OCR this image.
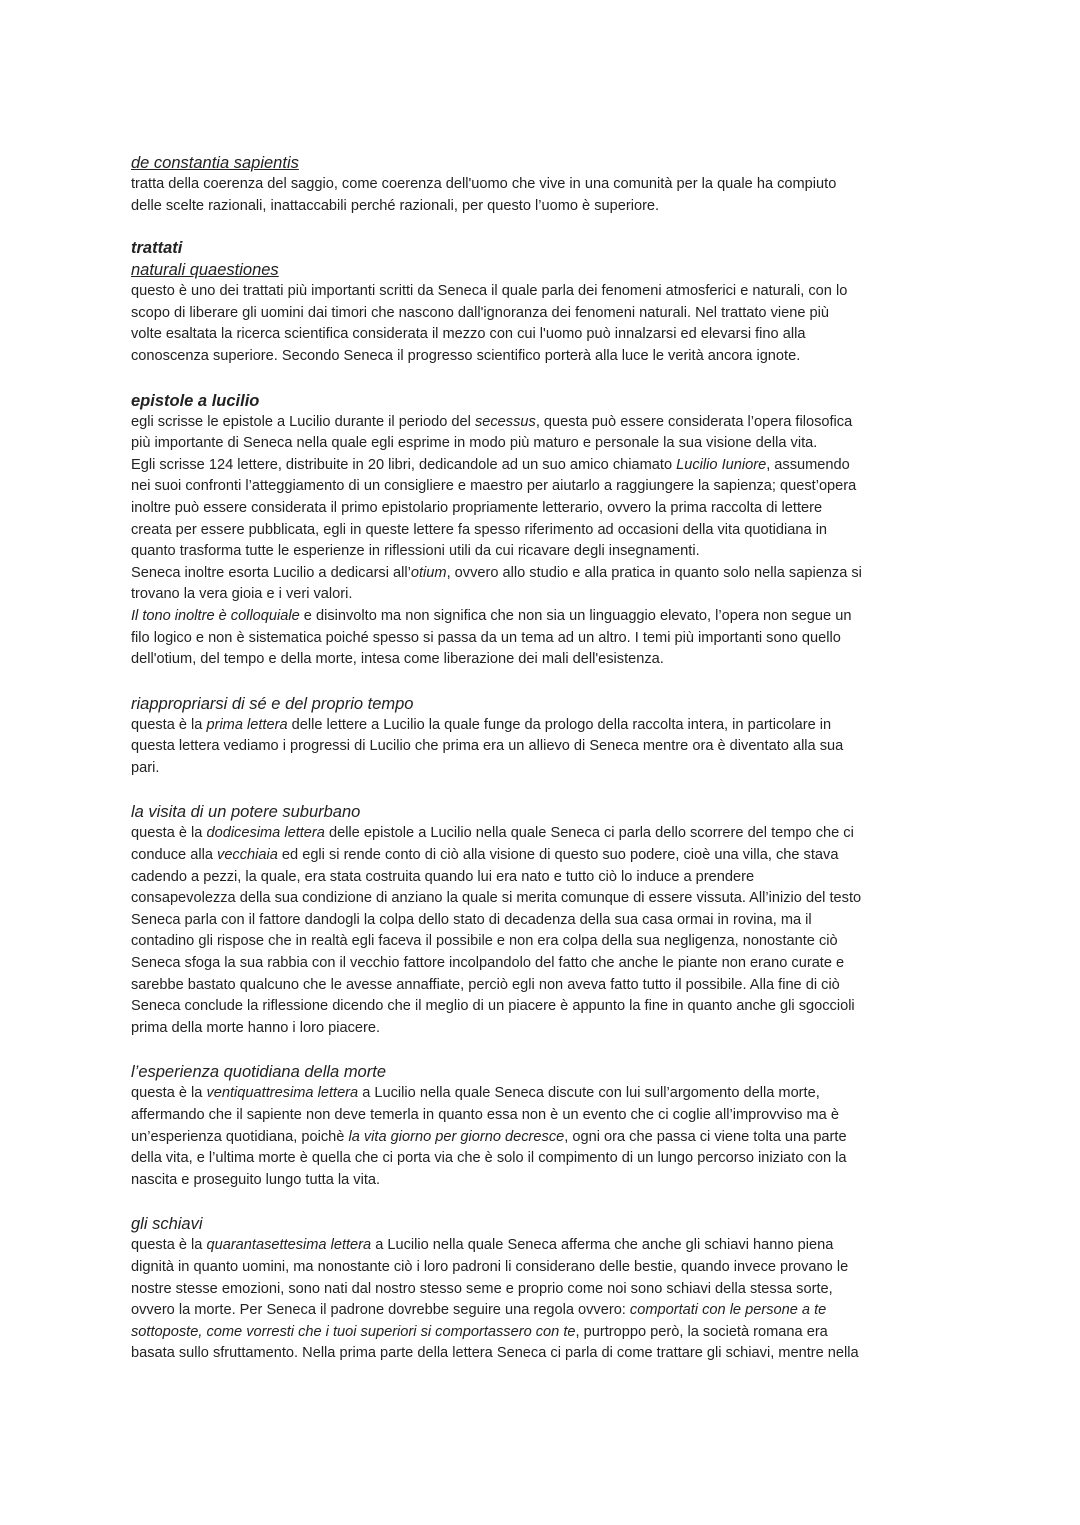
de constantia sapientis

tratta della coerenza del saggio, come coerenza dell'uomo che vive in una comunità per la quale ha compiuto
delle scelte razionali, inattaccabili perché razionali, per questo l’uomo è superiore.

trattati

naturali quaestiones

questo è uno dei trattati più importanti scritti da Seneca il quale parla dei fenomeni atmosferici e naturali, con lo
scopo di liberare gli uomini dai timori che nascono dall'ignoranza dei fenomeni naturali. Nel trattato viene più
volte esaltata la ricerca scientifica considerata il mezzo con cui l'uomo può innalzarsi ed elevarsi fino alla
conoscenza superiore. Secondo Seneca il progresso scientifico porterà alla luce le verità ancora ignote.

epistole a lucilio

egli scrisse le epistole a Lucilio durante il periodo del secessus, questa può essere considerata l’opera filosofica
più importante di Seneca nella quale egli esprime in modo più maturo e personale la sua visione della vita.
Egli scrisse 124 lettere, distribuite in 20 libri, dedicandole ad un suo amico chiamato Lucilio Iuniore, assumendo
nei suoi confronti l’atteggiamento di un consigliere e maestro per aiutarlo a raggiungere la sapienza; quest’opera
inoltre può essere considerata il primo epistolario propriamente letterario, ovvero la prima raccolta di lettere
creata per essere pubblicata, egli in queste lettere fa spesso riferimento ad occasioni della vita quotidiana in
quanto trasforma tutte le esperienze in riflessioni utili da cui ricavare degli insegnamenti.
Seneca inoltre esorta Lucilio a dedicarsi all’otium, ovvero allo studio e alla pratica in quanto solo nella sapienza si
trovano la vera gioia e i veri valori.
Il tono inoltre è colloquiale e disinvolto ma non significa che non sia un linguaggio elevato, l’opera non segue un
filo logico e non è sistematica poiché spesso si passa da un tema ad un altro. I temi più importanti sono quello
dell'otium, del tempo e della morte, intesa come liberazione dei mali dell'esistenza.

riappropriarsi di sé e del proprio tempo

questa è la prima lettera delle lettere a Lucilio la quale funge da prologo della raccolta intera, in particolare in
questa lettera vediamo i progressi di Lucilio che prima era un allievo di Seneca mentre ora è diventato alla sua
pari.

la visita di un potere suburbano

questa è la dodicesima lettera delle epistole a Lucilio nella quale Seneca ci parla dello scorrere del tempo che ci
conduce alla vecchiaia ed egli si rende conto di ciò alla visione di questo suo podere, cioè una villa, che stava
cadendo a pezzi, la quale, era stata costruita quando lui era nato e tutto ciò lo induce a prendere
consapevolezza della sua condizione di anziano la quale si merita comunque di essere vissuta. All’inizio del testo
Seneca parla con il fattore dandogli la colpa dello stato di decadenza della sua casa ormai in rovina, ma il
contadino gli rispose che in realtà egli faceva il possibile e non era colpa della sua negligenza, nonostante ciò
Seneca sfoga la sua rabbia con il vecchio fattore incolpandolo del fatto che anche le piante non erano curate e
sarebbe bastato qualcuno che le avesse annaffiate, perciò egli non aveva fatto tutto il possibile. Alla fine di ciò
Seneca conclude la riflessione dicendo che il meglio di un piacere è appunto la fine in quanto anche gli sgoccioli
prima della morte hanno i loro piacere.

l’esperienza quotidiana della morte

questa è la ventiquattresima lettera a Lucilio nella quale Seneca discute con lui sull’argomento della morte,
affermando che il sapiente non deve temerla in quanto essa non è un evento che ci coglie all’improvviso ma è
un’esperienza quotidiana, poichè la vita giorno per giorno decresce, ogni ora che passa ci viene tolta una parte
della vita, e l’ultima morte è quella che ci porta via che è solo il compimento di un lungo percorso iniziato con la
nascita e proseguito lungo tutta la vita.

gli schiavi

questa è la quarantasettesima lettera a Lucilio nella quale Seneca afferma che anche gli schiavi hanno piena
dignità in quanto uomini, ma nonostante ciò i loro padroni li considerano delle bestie, quando invece provano le
nostre stesse emozioni, sono nati dal nostro stesso seme e proprio come noi sono schiavi della stessa sorte,
ovvero la morte. Per Seneca il padrone dovrebbe seguire una regola ovvero: comportati con le persone a te
sottoposte, come vorresti che i tuoi superiori si comportassero con te, purtroppo però, la società romana era
basata sullo sfruttamento. Nella prima parte della lettera Seneca ci parla di come trattare gli schiavi, mentre nella
